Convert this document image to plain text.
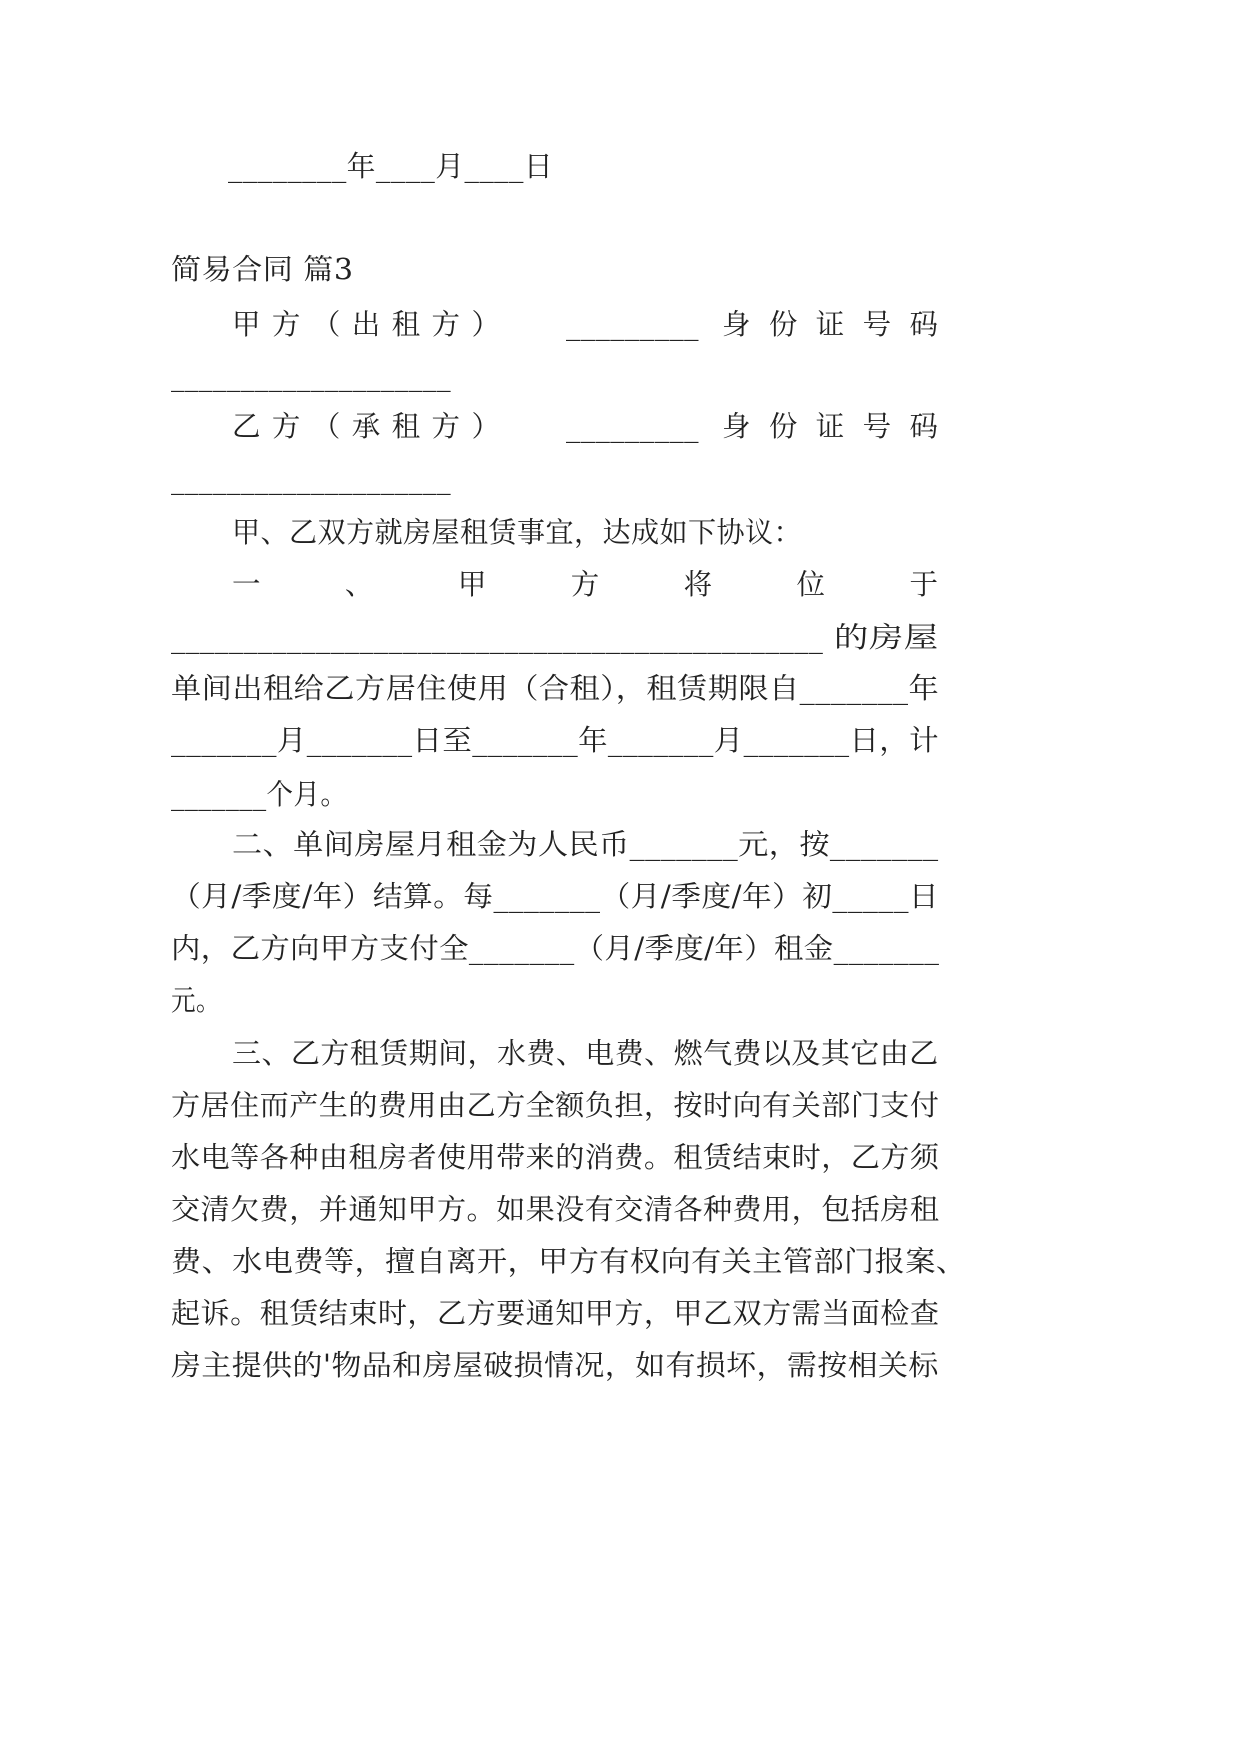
________年____月____日

简易合同 篇3

甲 方 （ 出 租 方 ） _________ 身 份 证 号 码

____________________

乙 方 （ 承 租 方 ） _________ 身 份 证 号 码

____________________

甲、乙双方就房屋租赁事宜，达成如下协议：

一	、	甲	方	将	位	于

_____________________________________________ 的房屋

单间出租给乙方居住使用（合租），租赁期限自_______年

_______月_______日至_______年_______月_______日，计

_______个月。

二、单间房屋月租金为人民币_______元，按_______

（月/季度/年）结算。每_______（月/季度/年）初_____日

内，乙方向甲方支付全_______（月/季度/年）租金_______

元。

三、乙方租赁期间，水费、电费、燃气费以及其它由乙

方居住而产生的费用由乙方全额负担，按时向有关部门支付

水电等各种由租房者使用带来的消费。租赁结束时，乙方须

交清欠费，并通知甲方。如果没有交清各种费用，包括房租

费、水电费等，擅自离开，甲方有权向有关主管部门报案、

起诉。租赁结束时，乙方要通知甲方，甲乙双方需当面检查

房主提供的'物品和房屋破损情况，如有损坏，需按相关标
